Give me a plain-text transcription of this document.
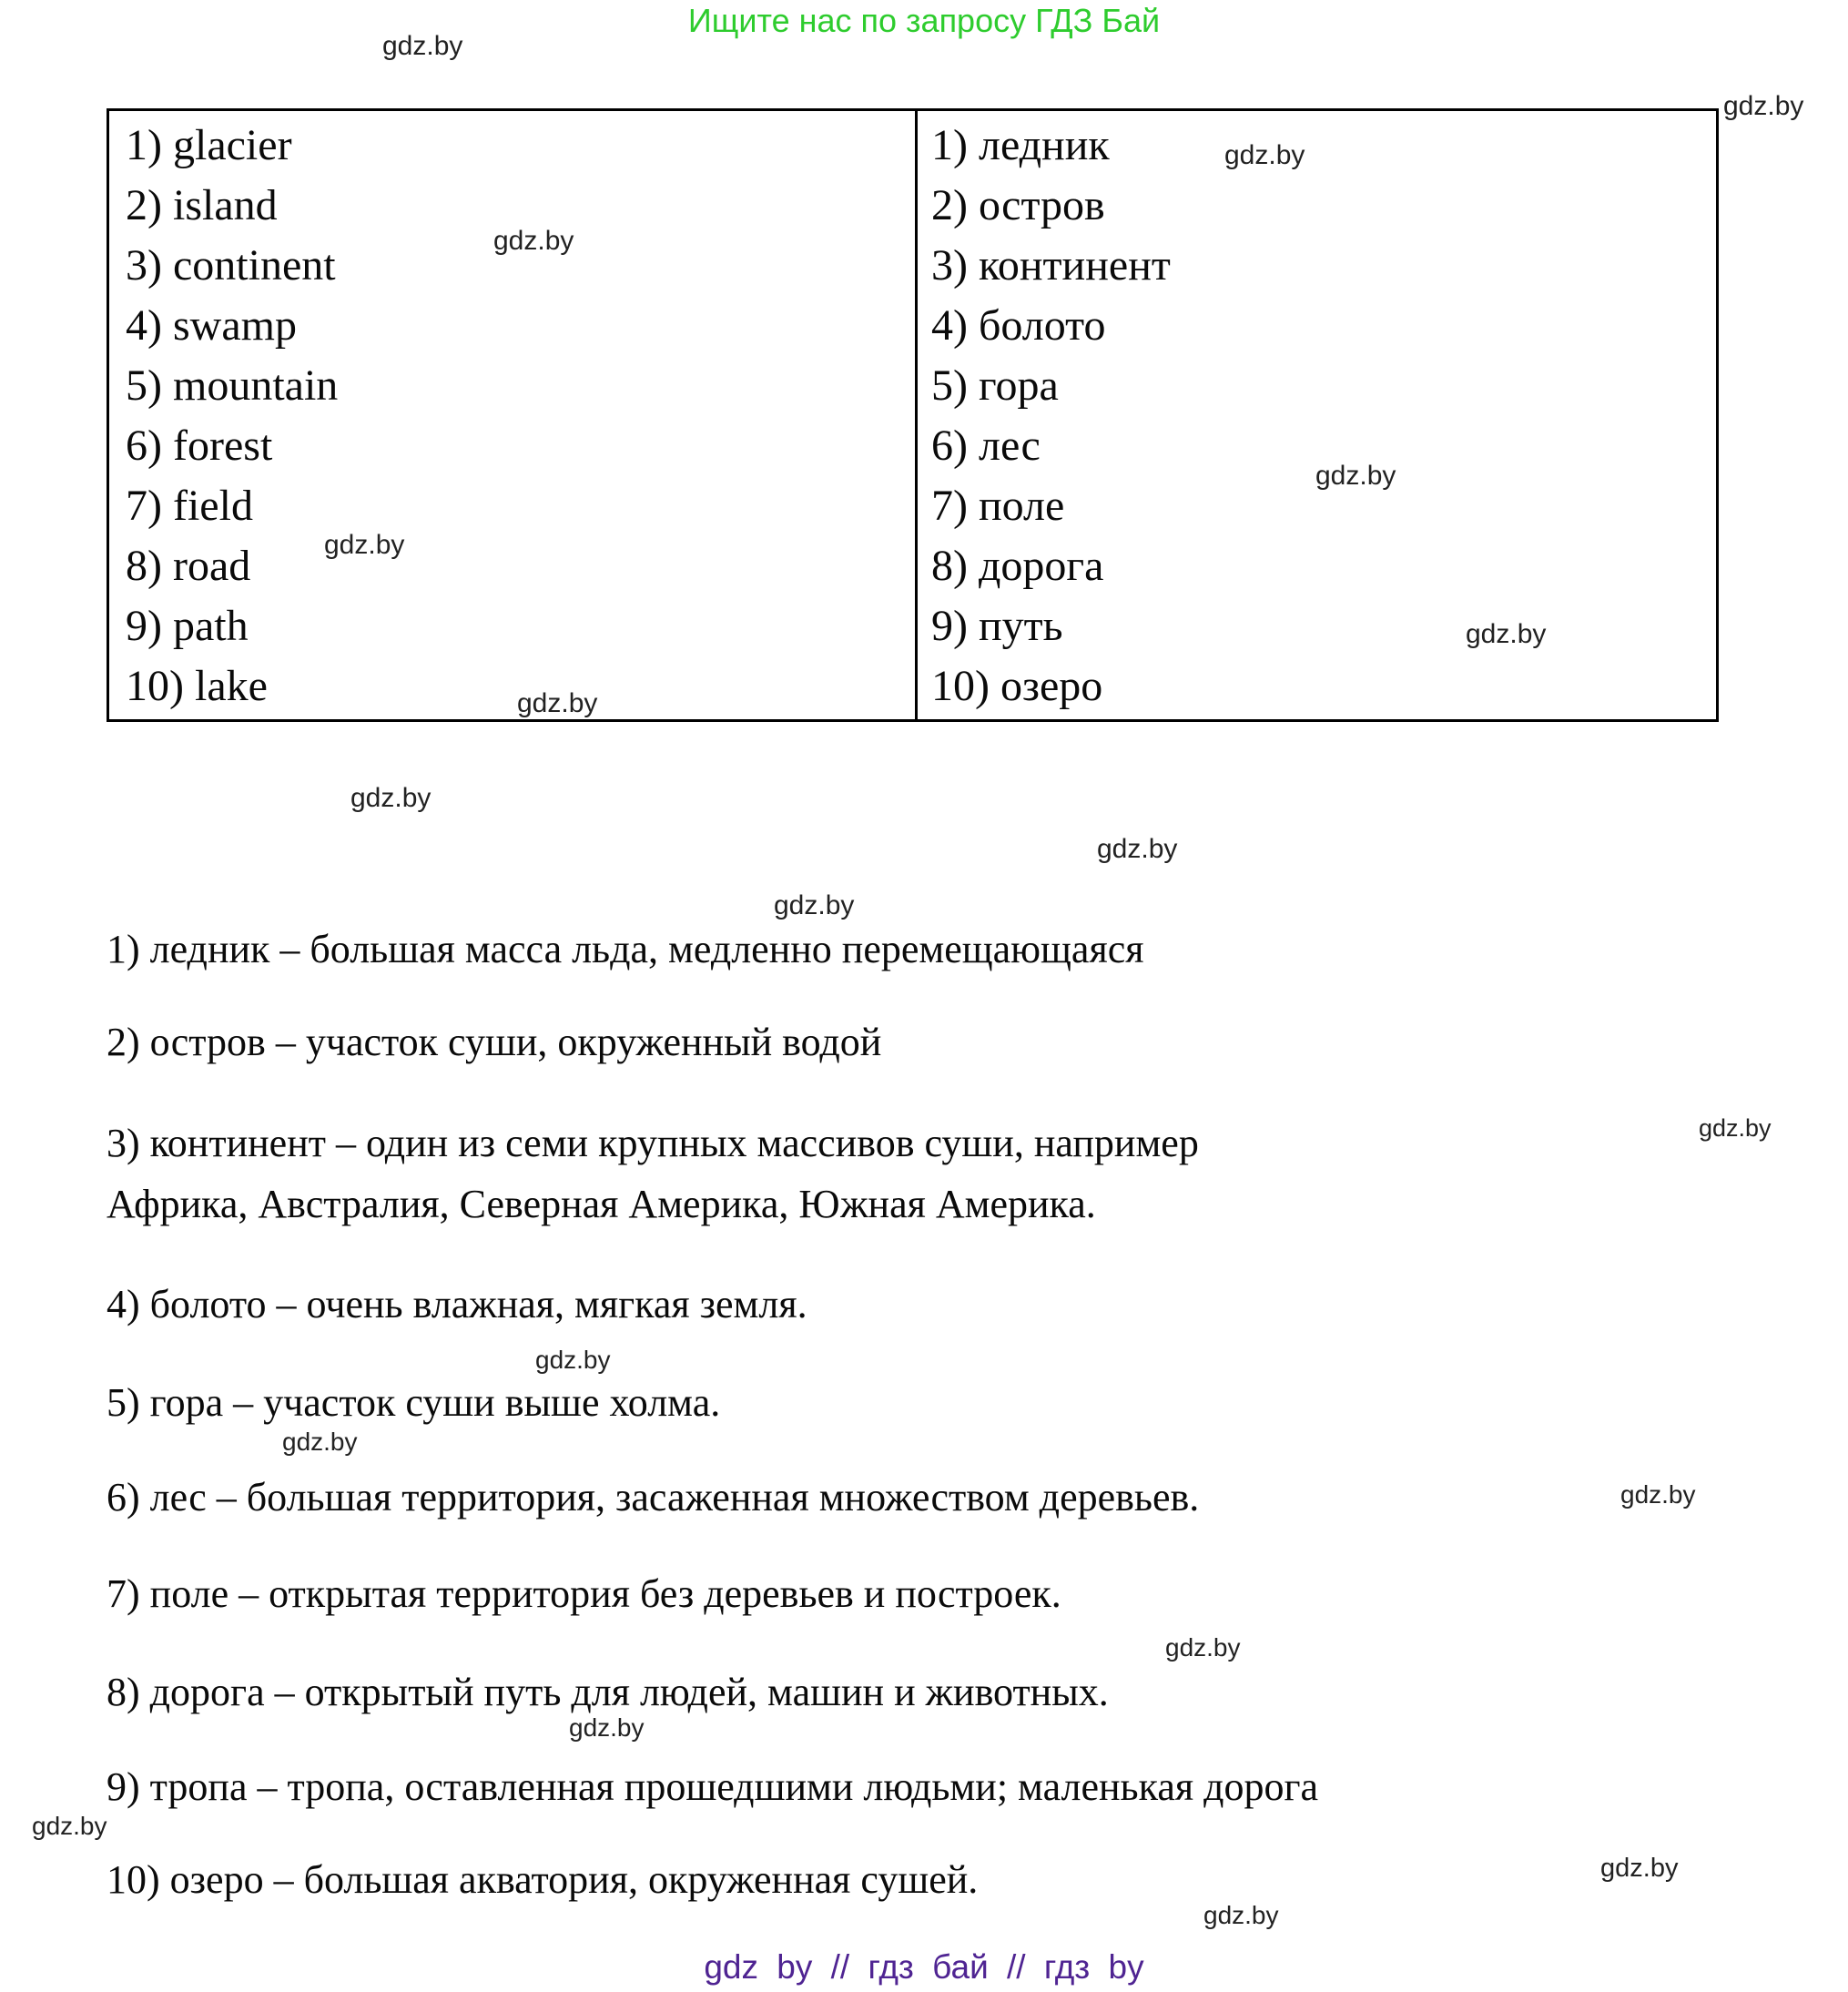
Ищите нас по запросу ГДЗ Бай
gdz.by
gdz.by
gdz.by
gdz.by
gdz.by
gdz.by
gdz.by
gdz.by
gdz.by
gdz.by
gdz.by
gdz.by
gdz.by
gdz.by
gdz.by
gdz.by
gdz.by
gdz.by
gdz.by
gdz.by
1) glacier
2) island
3) continent
4) swamp
5) mountain
6) forest
7) field
8) road
9) path
10) lake
1) ледник
2) остров
3) континент
4) болото
5) гора
6) лес
7) поле
8) дорога
9) путь
10) озеро
1) ледник – большая масса льда, медленно перемещающаяся
2) остров – участок суши, окруженный водой
3) континент – один из семи крупных массивов суши, например
Африка, Австралия, Северная Америка, Южная Америка.
4) болото – очень влажная, мягкая земля.
5) гора – участок суши выше холма.
6) лес – большая территория, засаженная множеством деревьев.
7) поле – открытая территория без деревьев и построек.
8) дорога – открытый путь для людей, машин и животных.
9) тропа – тропа, оставленная прошедшими людьми; маленькая дорога
10) озеро – большая акватория, окруженная сушей.
gdz by // гдз бай // гдз by
